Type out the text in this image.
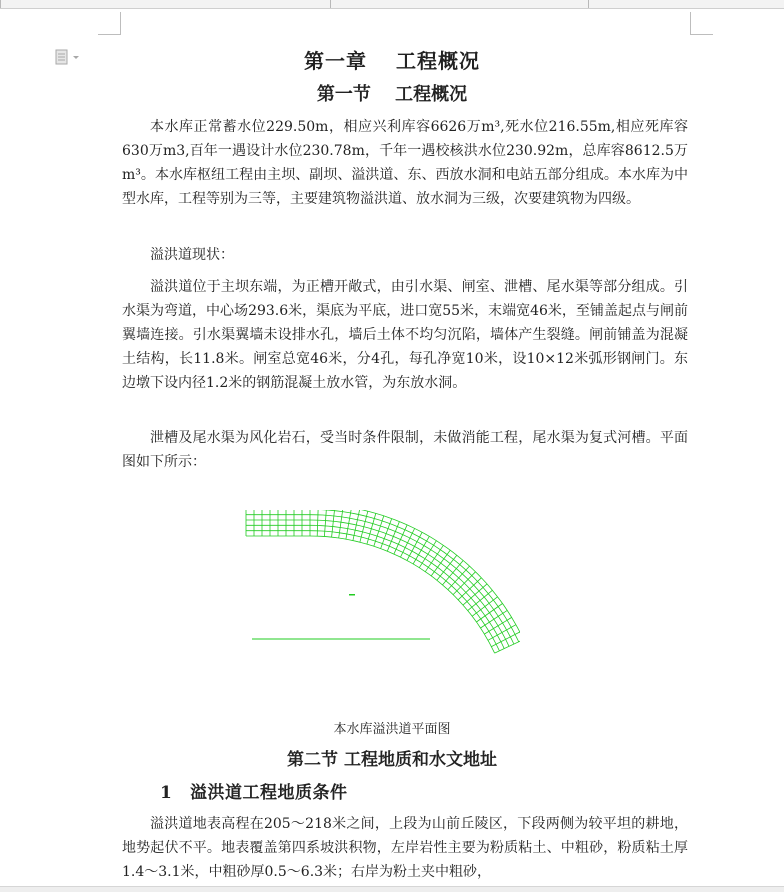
第一章　 工程概况
第一节　 工程概况

本水库正常蓄水位229.50m，相应兴利库容6626万m³,死水位216.55m,相应死库容630万m3,百年一遇设计水位230.78m，千年一遇校核洪水位230.92m，总库容8612.5万m³。本水库枢纽工程由主坝、副坝、溢洪道、东、西放水洞和电站五部分组成。本水库为中型水库，工程等别为三等，主要建筑物溢洪道、放水洞为三级，次要建筑物为四级。

溢洪道现状：

溢洪道位于主坝东端，为正槽开敞式，由引水渠、闸室、泄槽、尾水渠等部分组成。引水渠为弯道，中心场293.6米，渠底为平底，进口宽55米，末端宽46米，至铺盖起点与闸前翼墙连接。引水渠翼墙未设排水孔，墙后土体不均匀沉陷，墙体产生裂缝。闸前铺盖为混凝土结构，长11.8米。闸室总宽46米，分4孔，每孔净宽10米，设10×12米弧形钢闸门。东边墩下设内径1.2米的钢筋混凝土放水管，为东放水洞。

泄槽及尾水渠为风化岩石，受当时条件限制，未做消能工程，尾水渠为复式河槽。平面图如下所示：

本水库溢洪道平面图
第二节 工程地质和水文地址
1 溢洪道工程地质条件

溢洪道地表高程在205～218米之间，上段为山前丘陵区，下段两侧为较平坦的耕地，地势起伏不平。地表覆盖第四系坡洪积物，左岸岩性主要为粉质粘土、中粗砂，粉质粘土厚1.4～3.1米，中粗砂厚0.5～6.3米；右岸为粉土夹中粗砂，
